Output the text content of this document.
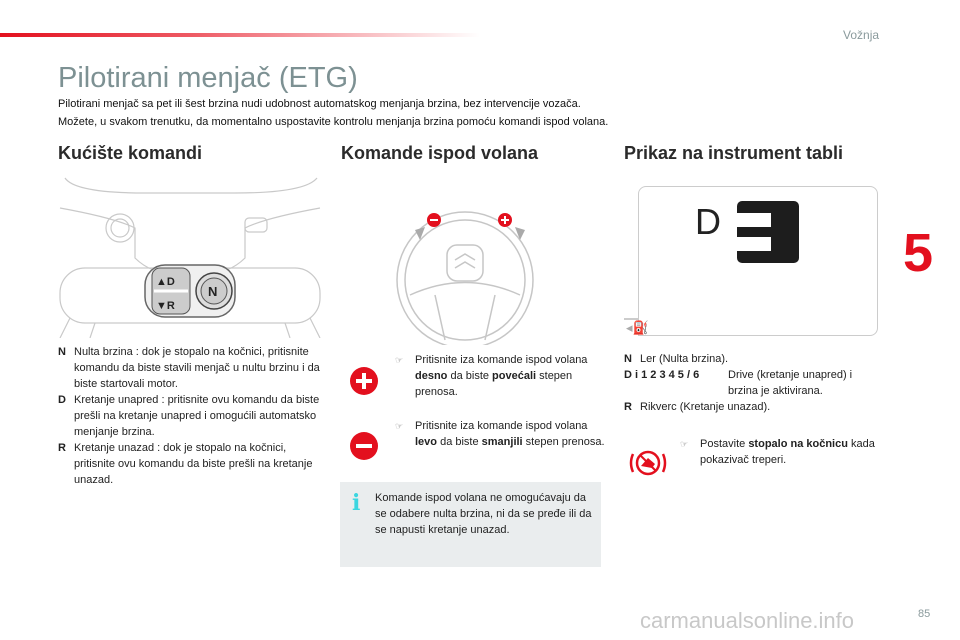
Vožnja
5
Pilotirani menjač (ETG)
Pilotirani menjač sa pet ili šest brzina nudi udobnost automatskog menjanja brzina, bez intervencije vozača.
Možete, u svakom trenutku, da momentalno uspostavite kontrolu menjanja brzina pomoću komandi ispod volana.
Kućište komandi	Komande ispod volana	Prikaz na instrument tabli
▲D
▼R
N
N Nulta brzina : dok je stopalo na kočnici, pritisnite komandu da biste stavili menjač u nultu brzinu i da biste startovali motor.
D Kretanje unapred : pritisnite ovu komandu da biste prešli na kretanje unapred i omogućili automatsko menjanje brzina.
R Kretanje unazad : dok je stopalo na kočnici, pritisnite ovu komandu da biste prešli na kretanje unazad.
☞	Pritisnite iza komande ispod volana desno da biste povećali stepen prenosa.
☞	Pritisnite iza komande ispod volana levo da biste smanjili stepen prenosa.
i Komande ispod volana ne omogućavaju da se odabere nulta brzina, ni da se pređe ili da se napusti kretanje unazad.
D
◂⛽
N Ler (Nulta brzina).
D i 1 2 3 4 5 / 6	Drive (kretanje unapred) i brzina je aktivirana.
R Rikverc (Kretanje unazad).
☞	Postavite stopalo na kočnicu kada pokazivač treperi.
carmanualsonline.info	85
